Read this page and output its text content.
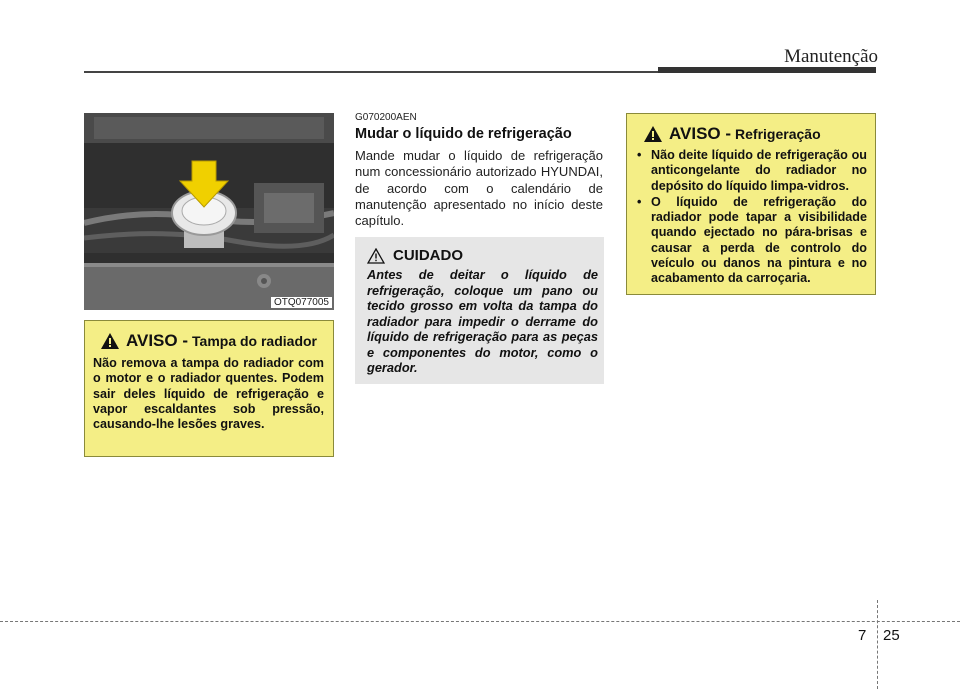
Manutenção
OTQ077005
AVISO - Tampa do radiador
Não remova a tampa do radiador com o motor e o radiador quentes. Podem sair deles líquido de refrigeração e vapor escaldantes sob pressão, causando-lhe lesões graves.
G070200AEN
Mudar o líquido de refrigeração
Mande mudar o líquido de refrigeração num concessionário autorizado HYUNDAI, de acordo com o calendário de manutenção apresentado no início deste capítulo.
CUIDADO
Antes de deitar o líquido de refrigeração, coloque um pano ou tecido grosso em volta da tampa do radiador para impedir o derrame do líquido de refrigeração para as peças e componentes do motor, como o gerador.
AVISO - Refrigeração
• Não deite líquido de refrigeração ou anticongelante do radiador no depósito do líquido limpa-vidros.
• O líquido de refrigeração do radiador pode tapar a visibilidade quando ejectado no pára-brisas e causar a perda de controlo do veículo ou danos na pintura e no acabamento da carroçaria.
7 25
